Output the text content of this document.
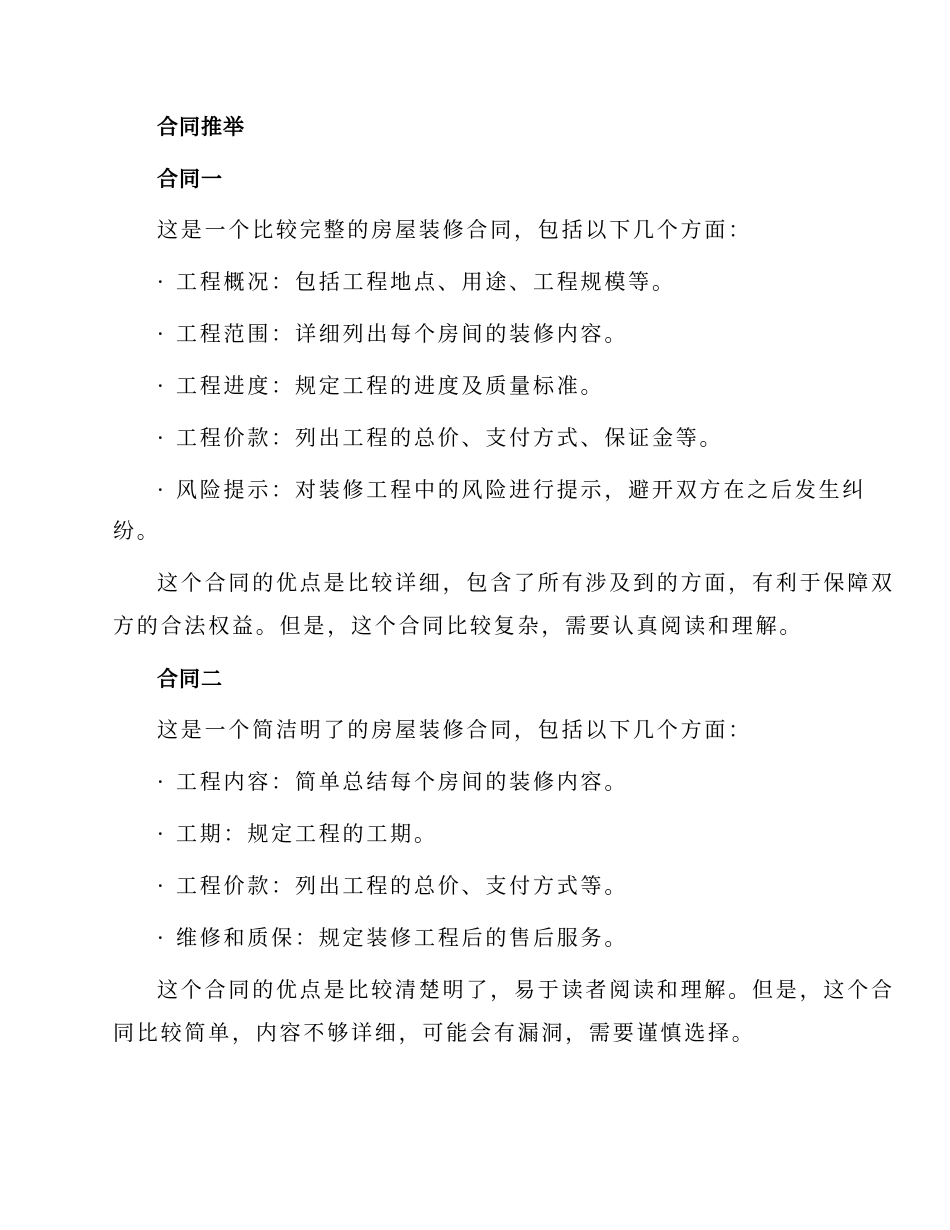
合同推举
合同一
这是一个比较完整的房屋装修合同，包括以下几个方面：
· 工程概况：包括工程地点、用途、工程规模等。
· 工程范围：详细列出每个房间的装修内容。
· 工程进度：规定工程的进度及质量标准。
· 工程价款：列出工程的总价、支付方式、保证金等。
· 风险提示：对装修工程中的风险进行提示，避开双方在之后发生纠
纷。
这个合同的优点是比较详细，包含了所有涉及到的方面，有利于保障双
方的合法权益。但是，这个合同比较复杂，需要认真阅读和理解。
合同二
这是一个简洁明了的房屋装修合同，包括以下几个方面：
· 工程内容：简单总结每个房间的装修内容。
· 工期：规定工程的工期。
· 工程价款：列出工程的总价、支付方式等。
· 维修和质保：规定装修工程后的售后服务。
这个合同的优点是比较清楚明了，易于读者阅读和理解。但是，这个合
同比较简单，内容不够详细，可能会有漏洞，需要谨慎选择。
